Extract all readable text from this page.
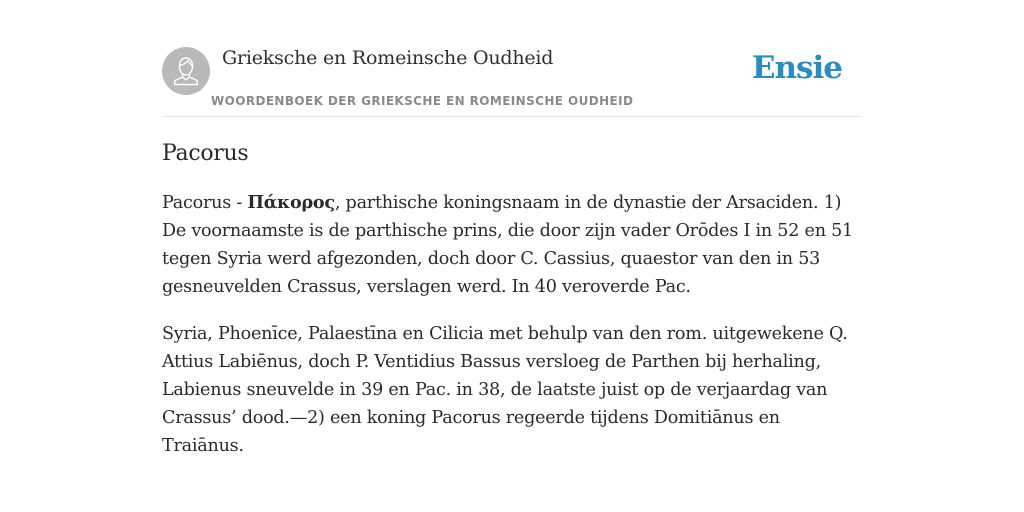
Grieksche en Romeinsche Oudheid
WOORDENBOEK DER GRIEKSCHE EN ROMEINSCHE OUDHEID
Ensie
Pacorus

Pacorus - Πάκορος, parthische koningsnaam in de dynastie der Arsaciden. 1) De voornaamste is de parthische prins, die door zijn vader Orōdes I in 52 en 51 tegen Syria werd afgezonden, doch door C. Cassius, quaestor van den in 53 gesneuvelden Crassus, verslagen werd. In 40 veroverde Pac.

Syria, Phoenīce, Palaestīna en Cilicia met behulp van den rom. uitgewekene Q. Attius Labiēnus, doch P. Ventidius Bassus versloeg de Parthen bij herhaling, Labienus sneuvelde in 39 en Pac. in 38, de laatste juist op de verjaardag van Crassus’ dood.—2) een koning Pacorus regeerde tijdens Domitiānus en Traiānus.
